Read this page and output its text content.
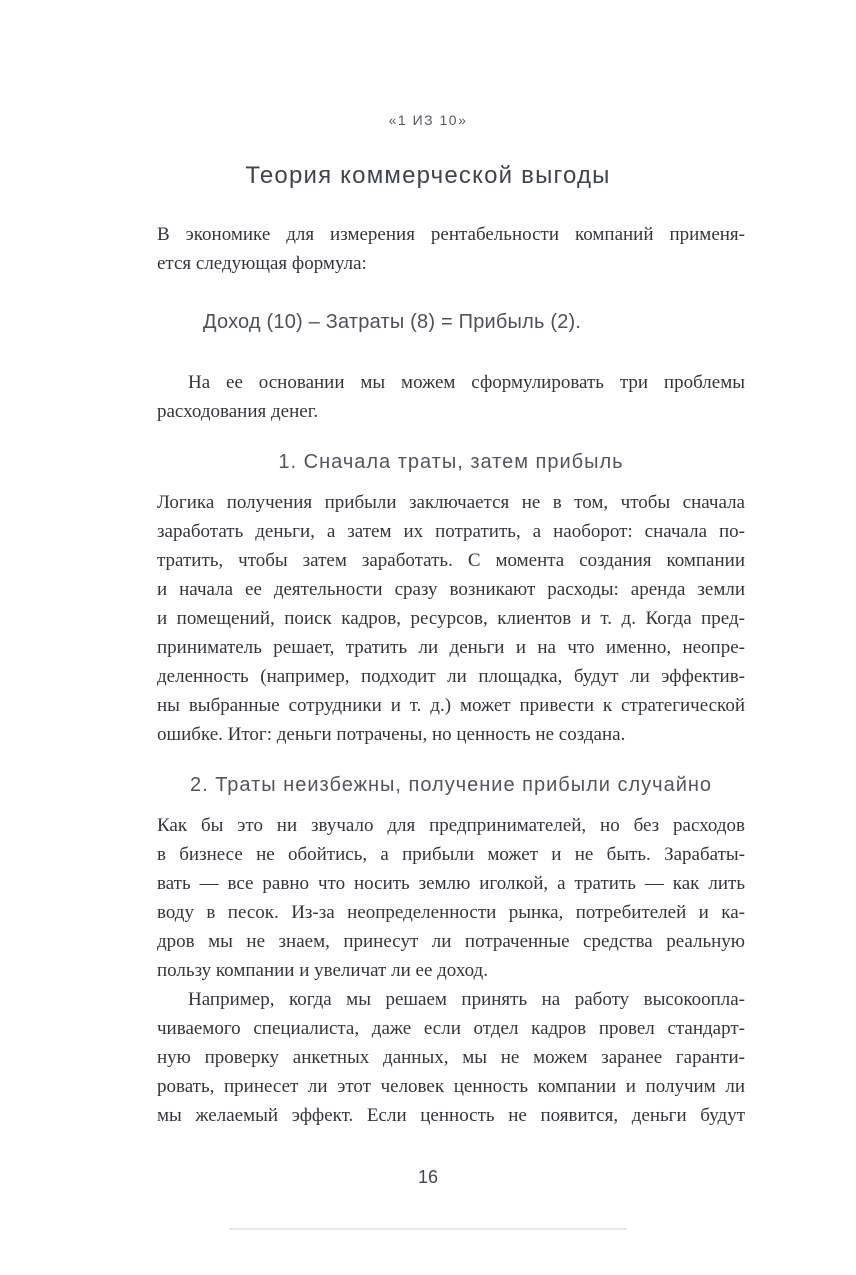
«1 ИЗ 10»
Теория коммерческой выгоды
В экономике для измерения рентабельности компаний применя-
ется следующая формула:
Доход (10) – Затраты (8) = Прибыль (2).
На ее основании мы можем сформулировать три проблемы
расходования денег.
1. Сначала траты, затем прибыль
Логика получения прибыли заключается не в том, чтобы сначала
заработать деньги, а затем их потратить, а наоборот: сначала по-
тратить, чтобы затем заработать. С момента создания компании
и начала ее деятельности сразу возникают расходы: аренда земли
и помещений, поиск кадров, ресурсов, клиентов и т. д. Когда пред-
приниматель решает, тратить ли деньги и на что именно, неопре-
деленность (например, подходит ли площадка, будут ли эффектив-
ны выбранные сотрудники и т. д.) может привести к стратегической
ошибке. Итог: деньги потрачены, но ценность не создана.
2. Траты неизбежны, получение прибыли случайно
Как бы это ни звучало для предпринимателей, но без расходов
в бизнесе не обойтись, а прибыли может и не быть. Зарабаты-
вать — все равно что носить землю иголкой, а тратить — как лить
воду в песок. Из-за неопределенности рынка, потребителей и ка-
дров мы не знаем, принесут ли потраченные средства реальную
пользу компании и увеличат ли ее доход.
Например, когда мы решаем принять на работу высокоопла-
чиваемого специалиста, даже если отдел кадров провел стандарт-
ную проверку анкетных данных, мы не можем заранее гаранти-
ровать, принесет ли этот человек ценность компании и получим ли
мы желаемый эффект. Если ценность не появится, деньги будут
16
